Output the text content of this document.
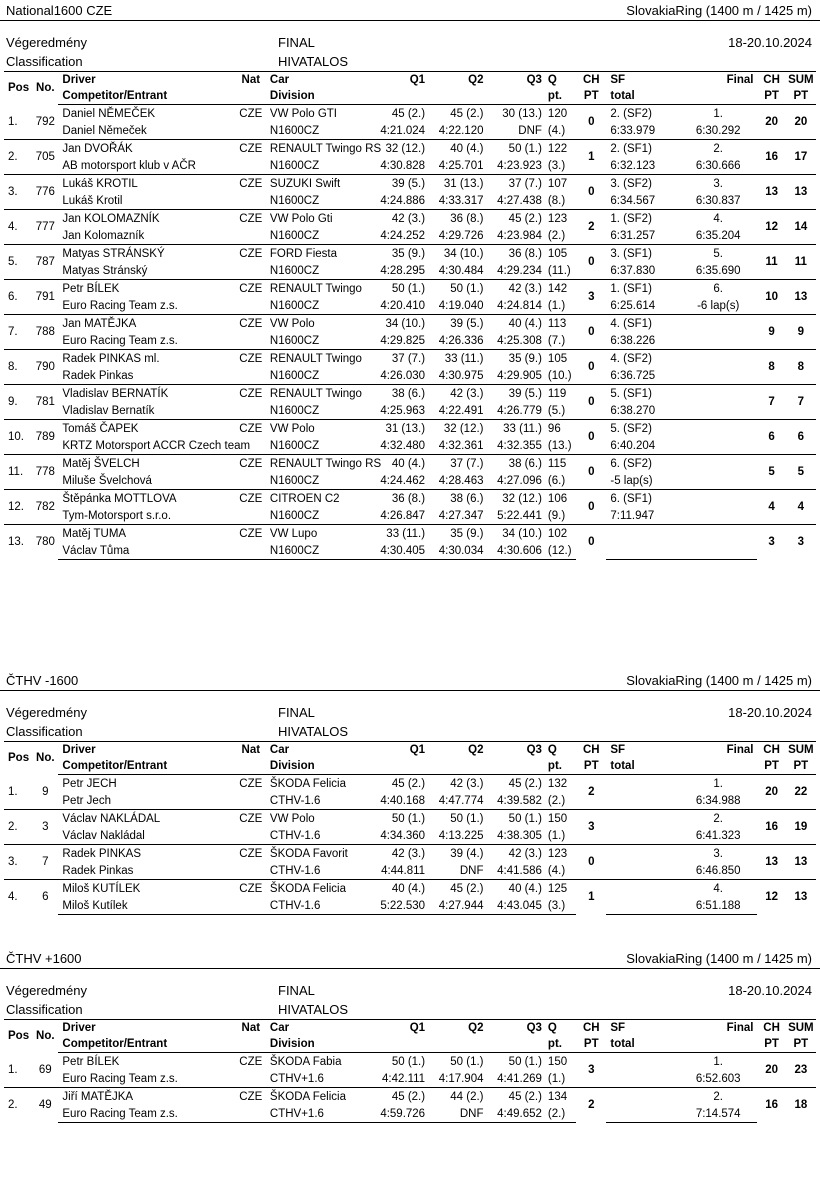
National1600 CZE	SlovakiaRing (1400 m / 1425 m)
Végeredmény
Classification
FINAL
HIVATALOS
18-20.10.2024
Pos	No.	Driver	Nat	Car	Q1	Q2	Q3	Q	CH	SF	Final	CH	SUM
		Competitor/Entrant		Division				pt.	PT	total		PT	PT
1.	792	Daniel NĚMEČEK	CZE	VW Polo GTI	45 (2.)	45 (2.)	30 (13.)	120	0	2. (SF2)	1.	20	20
		Daniel Němeček		N1600CZ	4:21.024	4:22.120	DNF	(4.)		6:33.979	6:30.292		
2.	705	Jan DVOŘÁK	CZE	RENAULT Twingo RS	32 (12.)	40 (4.)	50 (1.)	122	1	2. (SF1)	2.	16	17
		AB motorsport klub v AČR		N1600CZ	4:30.828	4:25.701	4:23.923	(3.)		6:32.123	6:30.666		
3.	776	Lukáš KROTIL	CZE	SUZUKI Swift	39 (5.)	31 (13.)	37 (7.)	107	0	3. (SF2)	3.	13	13
		Lukáš Krotil		N1600CZ	4:24.886	4:33.317	4:27.438	(8.)		6:34.567	6:30.837		
4.	777	Jan KOLOMAZNÍK	CZE	VW Polo Gti	42 (3.)	36 (8.)	45 (2.)	123	2	1. (SF2)	4.	12	14
		Jan Kolomazník		N1600CZ	4:24.252	4:29.726	4:23.984	(2.)		6:31.257	6:35.204		
5.	787	Matyas STRÁNSKÝ	CZE	FORD Fiesta	35 (9.)	34 (10.)	36 (8.)	105	0	3. (SF1)	5.	11	11
		Matyas Stránský		N1600CZ	4:28.295	4:30.484	4:29.234	(11.)		6:37.830	6:35.690		
6.	791	Petr BÍLEK	CZE	RENAULT Twingo	50 (1.)	50 (1.)	42 (3.)	142	3	1. (SF1)	6.	10	13
		Euro Racing Team z.s.		N1600CZ	4:20.410	4:19.040	4:24.814	(1.)		6:25.614	-6 lap(s)		
7.	788	Jan MATĚJKA	CZE	VW Polo	34 (10.)	39 (5.)	40 (4.)	113	0	4. (SF1)		9	9
		Euro Racing Team z.s.		N1600CZ	4:29.825	4:26.336	4:25.308	(7.)		6:38.226			
8.	790	Radek PINKAS ml.	CZE	RENAULT Twingo	37 (7.)	33 (11.)	35 (9.)	105	0	4. (SF2)		8	8
		Radek Pinkas		N1600CZ	4:26.030	4:30.975	4:29.905	(10.)		6:36.725			
9.	781	Vladislav BERNATÍK	CZE	RENAULT Twingo	38 (6.)	42 (3.)	39 (5.)	119	0	5. (SF1)		7	7
		Vladislav Bernatík		N1600CZ	4:25.963	4:22.491	4:26.779	(5.)		6:38.270			
10.	789	Tomáš ČAPEK	CZE	VW Polo	31 (13.)	32 (12.)	33 (11.)	96	0	5. (SF2)		6	6
		KRTZ Motorsport ACCR Czech team		N1600CZ	4:32.480	4:32.361	4:32.355	(13.)		6:40.204			
11.	778	Matěj ŠVELCH	CZE	RENAULT Twingo RS	40 (4.)	37 (7.)	38 (6.)	115	0	6. (SF2)		5	5
		Miluše Švelchová		N1600CZ	4:24.462	4:28.463	4:27.096	(6.)		-5 lap(s)			
12.	782	Štěpánka MOTTLOVA	CZE	CITROEN C2	36 (8.)	38 (6.)	32 (12.)	106	0	6. (SF1)		4	4
		Tym-Motorsport s.r.o.		N1600CZ	4:26.847	4:27.347	5:22.441	(9.)		7:11.947			
13.	780	Matěj TUMA	CZE	VW Lupo	33 (11.)	35 (9.)	34 (10.)	102	0			3	3
		Václav Tůma		N1600CZ	4:30.405	4:30.034	4:30.606	(12.)					
ČTHV -1600	SlovakiaRing (1400 m / 1425 m)
Végeredmény
Classification
FINAL
HIVATALOS
18-20.10.2024
Pos	No.	Driver	Nat	Car	Q1	Q2	Q3	Q	CH	SF	Final	CH	SUM
		Competitor/Entrant		Division				pt.	PT	total		PT	PT
1.	9	Petr JECH	CZE	ŠKODA Felicia	45 (2.)	42 (3.)	45 (2.)	132	2		1.	20	22
		Petr Jech		CTHV-1.6	4:40.168	4:47.774	4:39.582	(2.)			6:34.988		
2.	3	Václav NAKLÁDAL	CZE	VW Polo	50 (1.)	50 (1.)	50 (1.)	150	3		2.	16	19
		Václav Nakládal		CTHV-1.6	4:34.360	4:13.225	4:38.305	(1.)			6:41.323		
3.	7	Radek PINKAS	CZE	ŠKODA Favorit	42 (3.)	39 (4.)	42 (3.)	123	0		3.	13	13
		Radek Pinkas		CTHV-1.6	4:44.811	DNF	4:41.586	(4.)			6:46.850		
4.	6	Miloš KUTÍLEK	CZE	ŠKODA Felicia	40 (4.)	45 (2.)	40 (4.)	125	1		4.	12	13
		Miloš Kutílek		CTHV-1.6	5:22.530	4:27.944	4:43.045	(3.)			6:51.188		
ČTHV +1600	SlovakiaRing (1400 m / 1425 m)
Végeredmény
Classification
FINAL
HIVATALOS
18-20.10.2024
Pos	No.	Driver	Nat	Car	Q1	Q2	Q3	Q	CH	SF	Final	CH	SUM
		Competitor/Entrant		Division				pt.	PT	total		PT	PT
1.	69	Petr BÍLEK	CZE	ŠKODA Fabia	50 (1.)	50 (1.)	50 (1.)	150	3		1.	20	23
		Euro Racing Team z.s.		CTHV+1.6	4:42.111	4:17.904	4:41.269	(1.)			6:52.603		
2.	49	Jiří MATĚJKA	CZE	ŠKODA Felicia	45 (2.)	44 (2.)	45 (2.)	134	2		2.	16	18
		Euro Racing Team z.s.		CTHV+1.6	4:59.726	DNF	4:49.652	(2.)			7:14.574		
